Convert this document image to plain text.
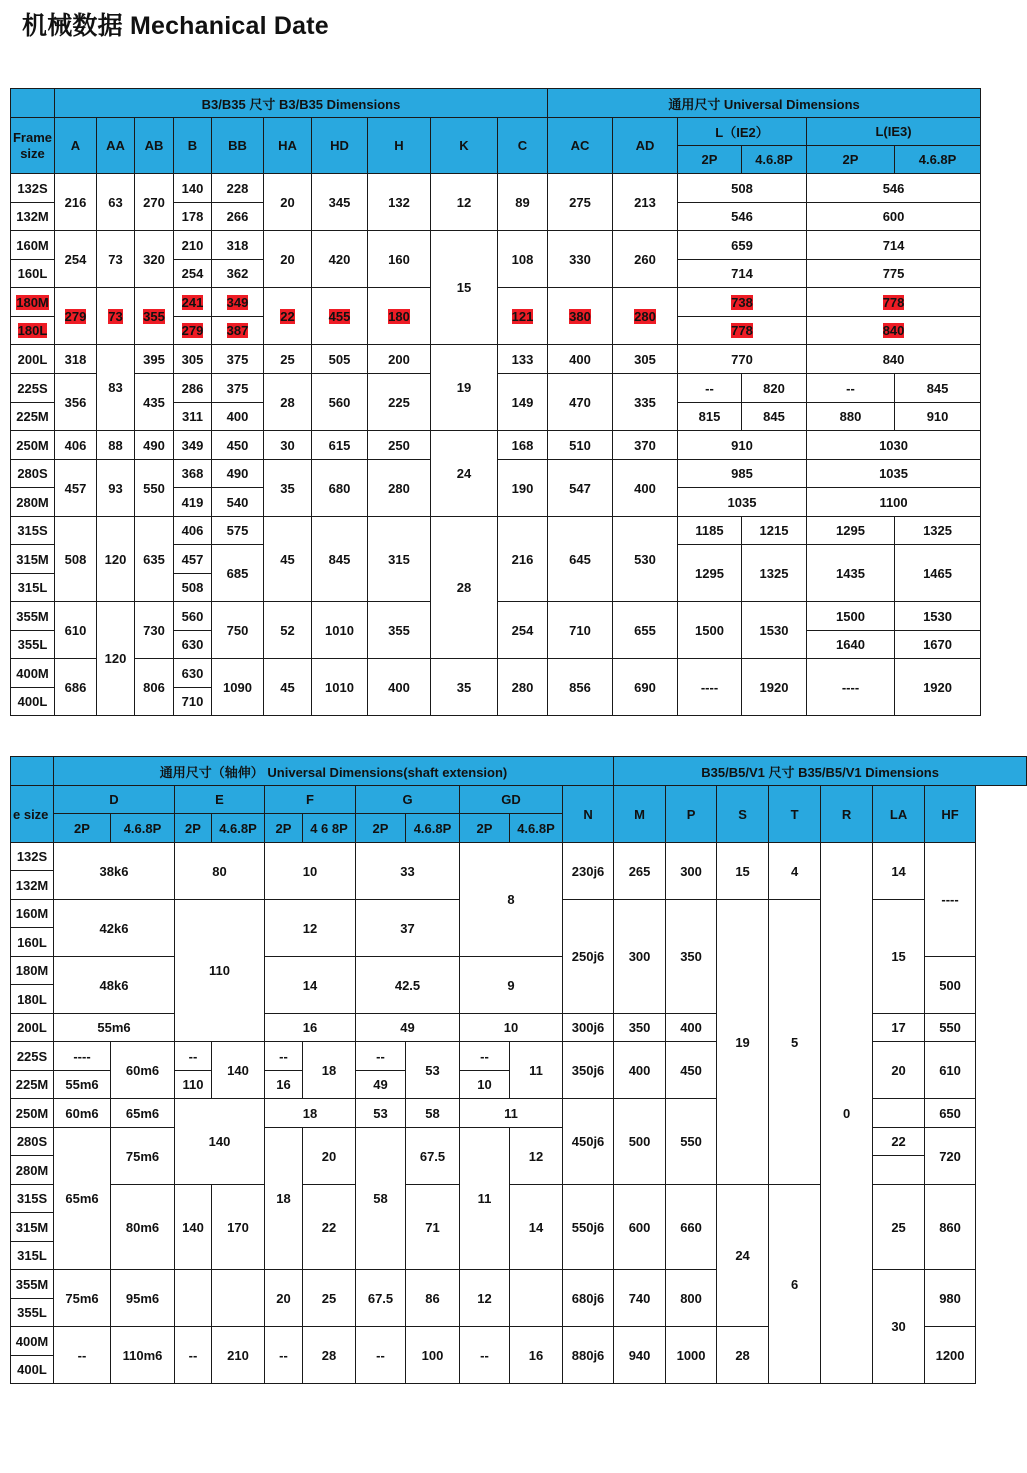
机械数据 Mechanical Date
	B3/B35 尺寸 B3/B35 Dimensions										通用尺寸 Universal Dimensions					
Frame size	A	AA	AB	B	BB	HA	HD	H	K	C	AC	AD	L（IE2）		L(IE3)	
													2P	4.6.8P	2P	4.6.8P
132S	216	63	270	140	228	20	345	132	12	89	275	213	508		546	
132M				178	266								546		600	
160M	254	73	320	210	318	20	420	160	15	108	330	260	659		714	
160L				254	362								714		775	
180M	279	73	355	241	349	22	455	180		121	380	280	738		778	
180L				279	387								778		840	
200L	318	83	395	305	375	25	505	200	19	133	400	305	770		840	
225S	356		435	286	375	28	560	225		149	470	335	--	820	--	845
225M				311	400								815	845	880	910
250M	406	88	490	349	450	30	615	250	24	168	510	370	910		1030	
280S	457	93	550	368	490	35	680	280		190	547	400	985		1035	
280M				419	540								1035		1100	
315S	508	120	635	406	575	45	845	315	28	216	645	530	1185	1215	1295	1325
315M				457	685								1295	1325	1435	1465
315L				508												
355M	610	120	730	560	750	52	1010	355		254	710	655	1500	1530	1500	1530
355L				630											1640	1670
400M	686		806	630	1090	45	1010	400	35	280	856	690	----	1920	----	1920
400L				710												
	通用尺寸（轴伸） Universal Dimensions(shaft extension)											B35/B5/V1 尺寸 B35/B5/V1 Dimensions						
e size	D		E		F		G		GD		N	M	P	S	T	R	LA	HF
	2P	4.6.8P	2P	4.6.8P	2P	4 6 8P	2P	4.6.8P	2P	4.6.8P								
132S	38k6		80		10		33		8		230j6	265	300	15	4	0	14	----
132M																		
160M	42k6		110		12		37				250j6	300	350	19	5		15	
160L																		
180M	48k6				14		42.5		9									500
180L																		
200L	55m6				16		49		10		300j6	350	400				17	550
225S	----	60m6	--	140	--	18	--	53	--	11	350j6	400	450				20	610
225M	55m6		110		16		49		10									
250M	60m6	65m6	140		18		53	58	11		450j6	500	550					650
280S	65m6	75m6			18	20	58	67.5	11	12							22	720
280M																		
315S		80m6	140	170		22		71		14	550j6	600	660	24	6		25	860
315M																		
315L																		
355M	75m6	95m6			20	25	67.5	86	12		680j6	740	800					980
355L																		
400M	--	110m6	--	210	--	28	--	100	--	16	880j6	940	1000	28			30	1200
400L																		
